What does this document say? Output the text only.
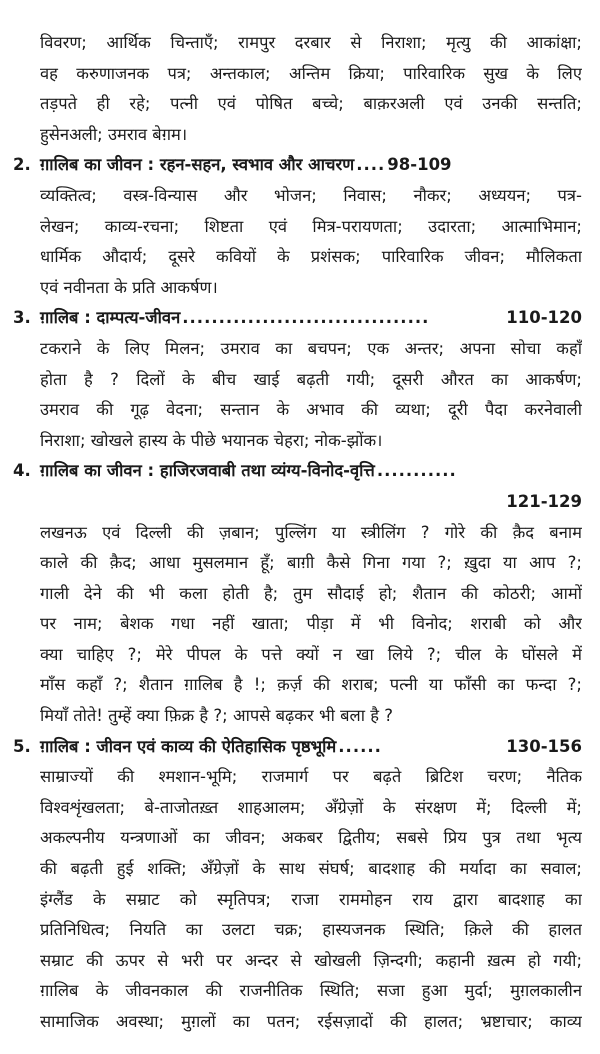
विवरण; आर्थिक चिन्ताएँ; रामपुर दरबार से निराशा; मृत्यु की आकांक्षा;
वह करुणाजनक पत्र; अन्तकाल; अन्तिम क्रिया; पारिवारिक सुख के लिए
तड़पते ही रहे; पत्नी एवं पोषित बच्चे; बाक़रअली एवं उनकी सन्तति;
हुसेनअली; उमराव बेग़म।
2. ग़ालिब का जीवन : रहन-सहन, स्वभाव और आचरण .... 98-109
व्यक्तित्व; वस्त्र-विन्यास और भोजन; निवास; नौकर; अध्ययन; पत्र-
लेखन; काव्य-रचना; शिष्टता एवं मित्र-परायणता; उदारता; आत्माभिमान;
धार्मिक औदार्य; दूसरे कवियों के प्रशंसक; पारिवारिक जीवन; मौलिकता
एवं नवीनता के प्रति आकर्षण।
3. ग़ालिब : दाम्पत्य-जीवन ..................................	110-120
टकराने के लिए मिलन; उमराव का बचपन; एक अन्तर; अपना सोचा कहाँ
होता है ? दिलों के बीच खाई बढ़ती गयी; दूसरी औरत का आकर्षण;
उमराव की गूढ़ वेदना; सन्तान के अभाव की व्यथा; दूरी पैदा करनेवाली
निराशा; खोखले हास्य के पीछे भयानक चेहरा; नोक-झोंक।
4. ग़ालिब का जीवन : हाजिरजवाबी तथा व्यंग्य-विनोद-वृत्ति ...........
121-129
लखनऊ एवं दिल्ली की ज़बान; पुल्लिंग या स्त्रीलिंग ? गोरे की क़ैद बनाम
काले की क़ैद; आधा मुसलमान हूँ; बाग़ी कैसे गिना गया ?; ख़ुदा या आप ?;
गाली देने की भी कला होती है; तुम सौदाई हो; शैतान की कोठरी; आमों
पर नाम; बेशक गधा नहीं खाता; पीड़ा में भी विनोद; शराबी को और
क्या चाहिए ?; मेरे पीपल के पत्ते क्यों न खा लिये ?; चील के घोंसले में
माँस कहाँ ?; शैतान ग़ालिब है !; क़र्ज़ की शराब; पत्नी या फाँसी का फन्दा ?;
मियाँ तोते! तुम्हें क्या फ़िक्र है ?; आपसे बढ़कर भी बला है ?
5. ग़ालिब : जीवन एवं काव्य की ऐतिहासिक पृष्ठभूमि ......	130-156
साम्राज्यों की श्मशान-भूमि; राजमार्ग पर बढ़ते ब्रिटिश चरण; नैतिक
विश्वशृंखलता; बे-ताजोतख़्त शाहआलम; अँग्रेज़ों के संरक्षण में; दिल्ली में;
अकल्पनीय यन्त्रणाओं का जीवन; अकबर द्वितीय; सबसे प्रिय पुत्र तथा भृत्य
की बढ़ती हुई शक्ति; अँग्रेज़ों के साथ संघर्ष; बादशाह की मर्यादा का सवाल;
इंग्लैंड के सम्राट को स्मृतिपत्र; राजा राममोहन राय द्वारा बादशाह का
प्रतिनिधित्व; नियति का उलटा चक्र; हास्यजनक स्थिति; क़िले की हालत
सम्राट की ऊपर से भरी पर अन्दर से खोखली ज़िन्दगी; कहानी ख़त्म हो गयी;
ग़ालिब के जीवनकाल की राजनीतिक स्थिति; सजा हुआ मुर्दा; मुग़लकालीन
सामाजिक अवस्था; मुग़लों का पतन; रईसज़ादों की हालत; भ्रष्टाचार; काव्य
